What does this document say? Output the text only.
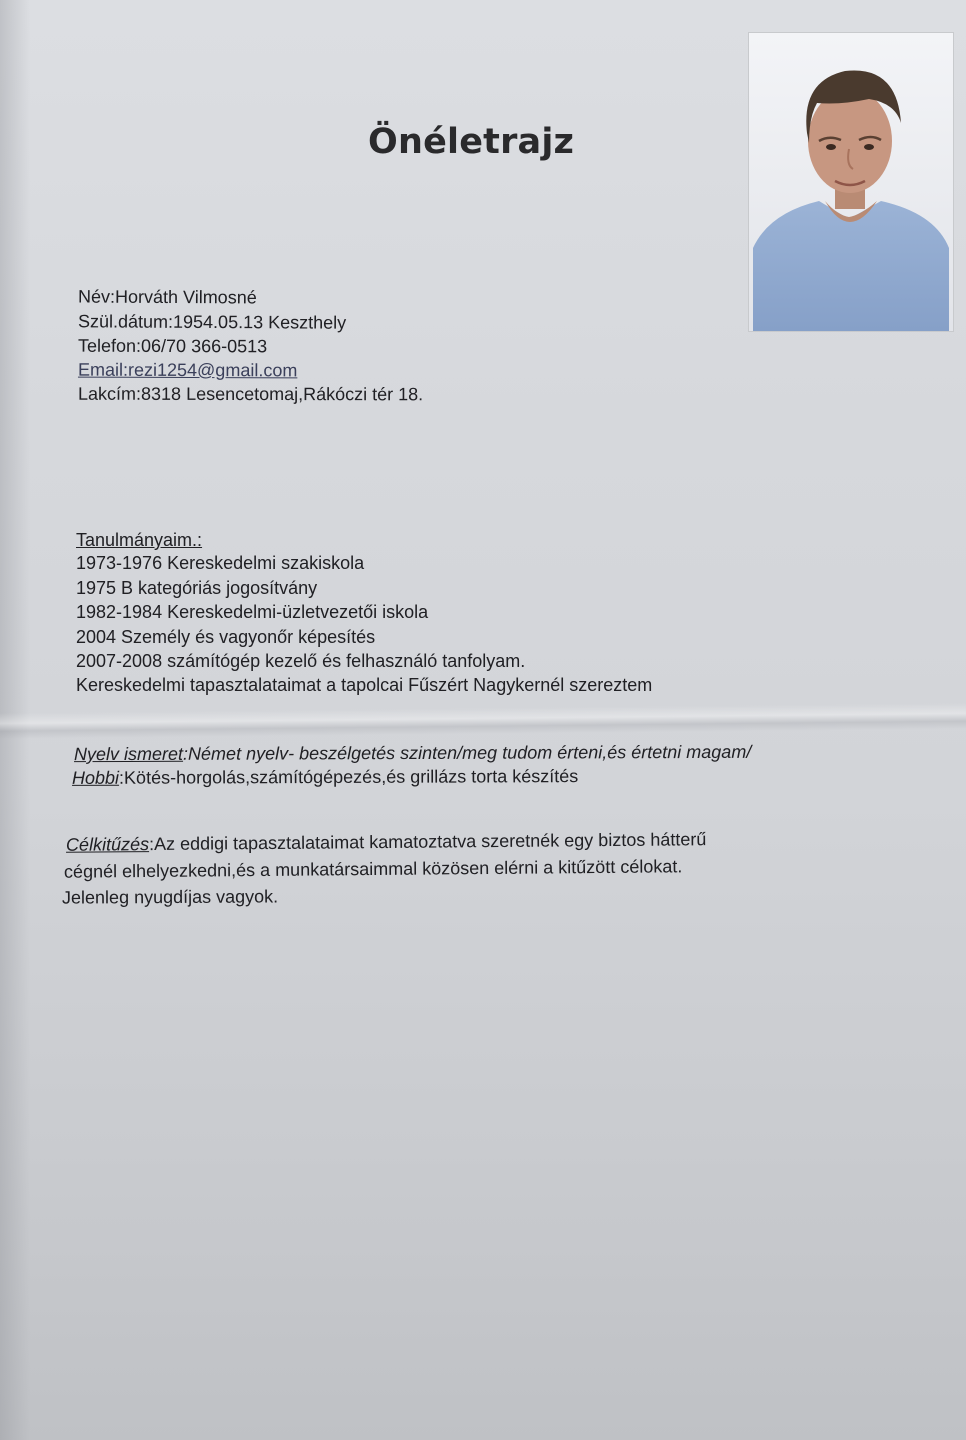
Önéletrajz
Név:Horváth Vilmosné
Szül.dátum:1954.05.13 Keszthely
Telefon:06/70 366-0513
Email:rezi1254@gmail.com
Lakcím:8318 Lesencetomaj,Rákóczi tér 18.
Tanulmányaim.:
1973-1976 Kereskedelmi szakiskola
1975 B kategóriás jogosítvány
1982-1984 Kereskedelmi-üzletvezetői iskola
2004 Személy és vagyonőr képesítés
2007-2008 számítógép kezelő és felhasználó tanfolyam.
Kereskedelmi tapasztalataimat a tapolcai Fűszért Nagykernél szereztem
Nyelv ismeret:Német nyelv- beszélgetés szinten/meg tudom érteni,és értetni magam/
Hobbi:Kötés-horgolás,számítógépezés,és grillázs torta készítés
Célkitűzés:Az eddigi tapasztalataimat kamatoztatva szeretnék egy biztos hátterű
cégnél elhelyezkedni,és a munkatársaimmal közösen elérni a kitűzött célokat.
Jelenleg nyugdíjas vagyok.
